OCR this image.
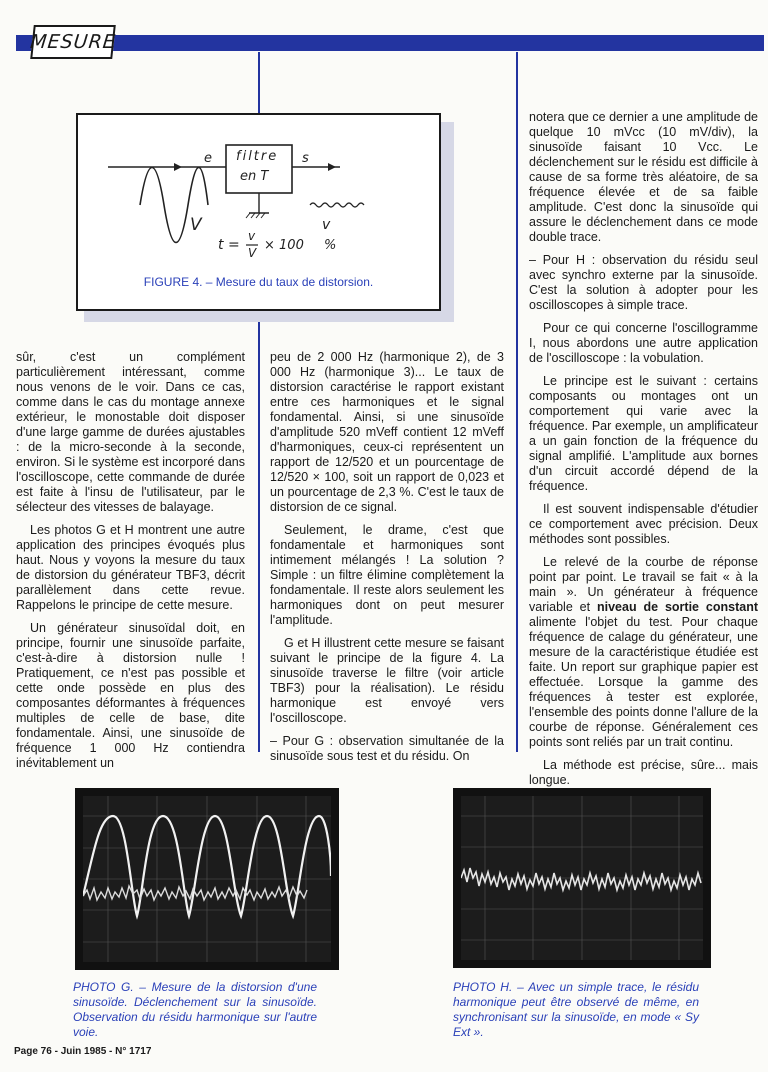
MESURE
filtre
en T
e	s
V	v
t =
v
V × 100 %
FIGURE 4. – Mesure du taux de distorsion.

sûr, c'est un complément particulièrement intéressant, comme nous venons de le voir. Dans ce cas, comme dans le cas du montage annexe extérieur, le monostable doit disposer d'une large gamme de durées ajustables : de la micro-seconde à la seconde, environ. Si le système est incorporé dans l'oscilloscope, cette commande de durée est faite à l'insu de l'utilisateur, par le sélecteur des vitesses de balayage.

Les photos G et H montrent une autre application des principes évoqués plus haut. Nous y voyons la mesure du taux de distorsion du générateur TBF3, décrit parallèlement dans cette revue. Rappelons le principe de cette mesure.

Un générateur sinusoïdal doit, en principe, fournir une sinusoïde parfaite, c'est-à-dire à distorsion nulle ! Pratiquement, ce n'est pas possible et cette onde possède en plus des composantes déformantes à fréquences multiples de celle de base, dite fondamentale. Ainsi, une sinusoïde de fréquence 1 000 Hz contiendra inévitablement un

peu de 2 000 Hz (harmonique 2), de 3 000 Hz (harmonique 3)... Le taux de distorsion caractérise le rapport existant entre ces harmoniques et le signal fondamental. Ainsi, si une sinusoïde d'amplitude 520 mVeff contient 12 mVeff d'harmoniques, ceux-ci représentent un rapport de 12/520 et un pourcentage de 12/520 × 100, soit un rapport de 0,023 et un pourcentage de 2,3 %. C'est le taux de distorsion de ce signal.

Seulement, le drame, c'est que fondamentale et harmoniques sont intimement mélangés ! La solution ? Simple : un filtre élimine complètement la fondamentale. Il reste alors seulement les harmoniques dont on peut mesurer l'amplitude.

G et H illustrent cette mesure se faisant suivant le principe de la figure 4. La sinusoïde traverse le filtre (voir article TBF3) pour la réalisation). Le résidu harmonique est envoyé vers l'oscilloscope.

– Pour G : observation simultanée de la sinusoïde sous test et du résidu. On

notera que ce dernier a une amplitude de quelque 10 mVcc (10 mV/div), la sinusoïde faisant 10 Vcc. Le déclenchement sur le résidu est difficile à cause de sa forme très aléatoire, de sa fréquence élevée et de sa faible amplitude. C'est donc la sinusoïde qui assure le déclenchement dans ce mode double trace.

– Pour H : observation du résidu seul avec synchro externe par la sinusoïde. C'est la solution à adopter pour les oscilloscopes à simple trace.

Pour ce qui concerne l'oscillogramme I, nous abordons une autre application de l'oscilloscope : la vobulation.

Le principe est le suivant : certains composants ou montages ont un comportement qui varie avec la fréquence. Par exemple, un amplificateur a un gain fonction de la fréquence du signal amplifié. L'amplitude aux bornes d'un circuit accordé dépend de la fréquence.

Il est souvent indispensable d'étudier ce comportement avec précision. Deux méthodes sont possibles.

Le relevé de la courbe de réponse point par point. Le travail se fait « à la main ». Un générateur à fréquence variable et niveau de sortie constant alimente l'objet du test. Pour chaque fréquence de calage du générateur, une mesure de la caractéristique étudiée est faite. Un report sur graphique papier est effectuée. Lorsque la gamme des fréquences à tester est explorée, l'ensemble des points donne l'allure de la courbe de réponse. Généralement ces points sont reliés par un trait continu.

La méthode est précise, sûre... mais longue.

PHOTO G. – Mesure de la distorsion d'une sinusoïde. Déclenchement sur la sinusoïde. Observation du résidu harmonique sur l'autre voie.
PHOTO H. – Avec un simple trace, le résidu harmonique peut être observé de même, en synchronisant sur la sinusoïde, en mode « Sy Ext ».
Page 76 - Juin 1985 - N° 1717
